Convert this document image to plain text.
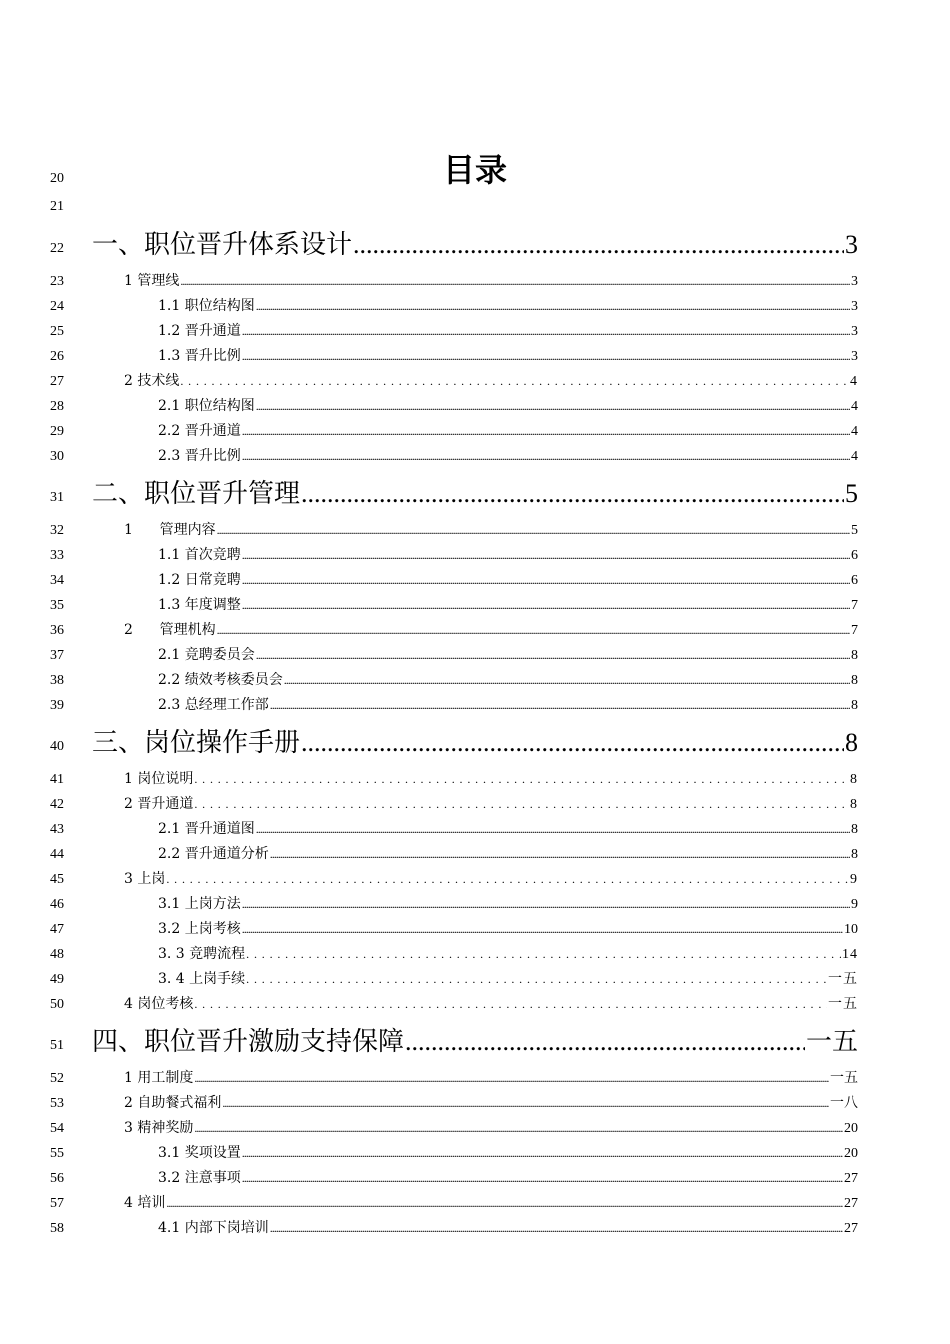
20	目录
21
22	一、职位晋升体系设计 .....	3
23	1 管理线 .....	3
24	1.1 职位结构图 .....	3
25	1.2 晋升通道 .....	3
26	1.3 晋升比例 .....	3
27	2 技术线 .....	4
28	2.1 职位结构图 .....	4
29	2.2 晋升通道 .....	4
30	2.3 晋升比例 .....	4
31	二、职位晋升管理 .....	5
32	1      管理内容 .....	5
33	1.1 首次竞聘 .....	6
34	1.2 日常竞聘 .....	6
35	1.3 年度调整 .....	7
36	2      管理机构 .....	7
37	2.1 竞聘委员会 .....	8
38	2.2 绩效考核委员会 .....	8
39	2.3 总经理工作部 .....	8
40	三、岗位操作手册 .....	8
41	1 岗位说明 .....	8
42	2 晋升通道 .....	8
43	2.1 晋升通道图 .....	8
44	2.2 晋升通道分析 .....	8
45	3 上岗 .....	9
46	3.1 上岗方法 .....	9
47	3.2 上岗考核 .....	10
48	3. 3 竞聘流程 .....	14
49	3. 4 上岗手续 .....	一五
50	4 岗位考核 .....	一五
51	四、职位晋升激励支持保障 .....	一五
52	1 用工制度 .....	一五
53	2 自助餐式福利 .....	一八
54	3 精神奖励 .....	20
55	3.1 奖项设置 .....	20
56	3.2 注意事项 .....	27
57	4 培训 .....	27
58	4.1 内部下岗培训 .....	27
